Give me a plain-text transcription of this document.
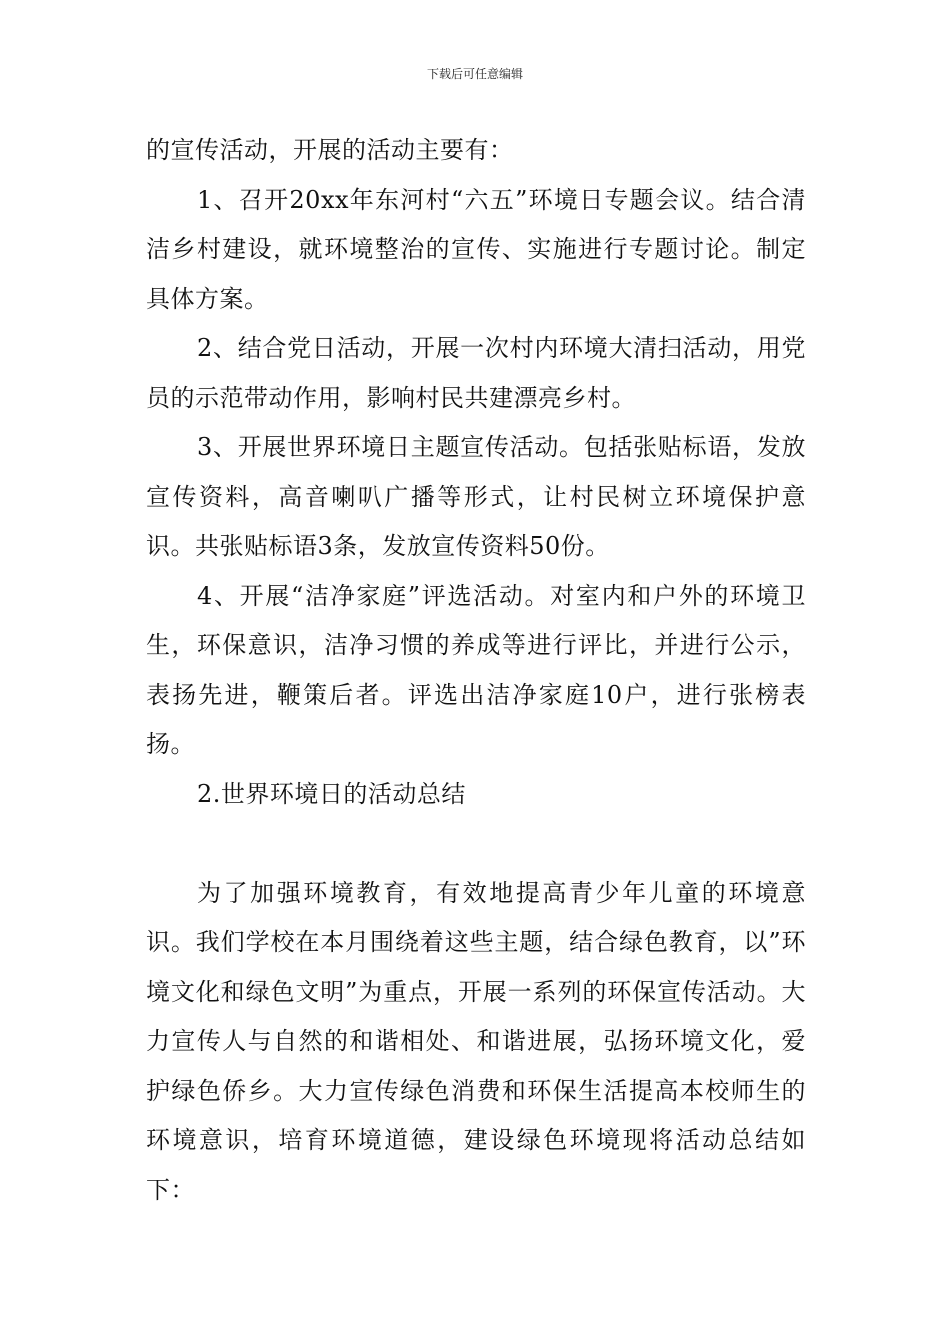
下载后可任意编辑

的宣传活动，开展的活动主要有：

1、召开20xx年东河村“六五”环境日专题会议。结合清洁乡村建设，就环境整治的宣传、实施进行专题讨论。制定具体方案。

2、结合党日活动，开展一次村内环境大清扫活动，用党员的示范带动作用，影响村民共建漂亮乡村。

3、开展世界环境日主题宣传活动。包括张贴标语，发放宣传资料，高音喇叭广播等形式，让村民树立环境保护意识。共张贴标语3条，发放宣传资料50份。

4、开展“洁净家庭”评选活动。对室内和户外的环境卫生，环保意识，洁净习惯的养成等进行评比，并进行公示，表扬先进，鞭策后者。评选出洁净家庭10户，进行张榜表扬。

2.世界环境日的活动总结

为了加强环境教育，有效地提高青少年儿童的环境意识。我们学校在本月围绕着这些主题，结合绿色教育，以”环境文化和绿色文明”为重点，开展一系列的环保宣传活动。大力宣传人与自然的和谐相处、和谐进展，弘扬环境文化，爱护绿色侨乡。大力宣传绿色消费和环保生活提高本校师生的环境意识，培育环境道德，建设绿色环境现将活动总结如下：
